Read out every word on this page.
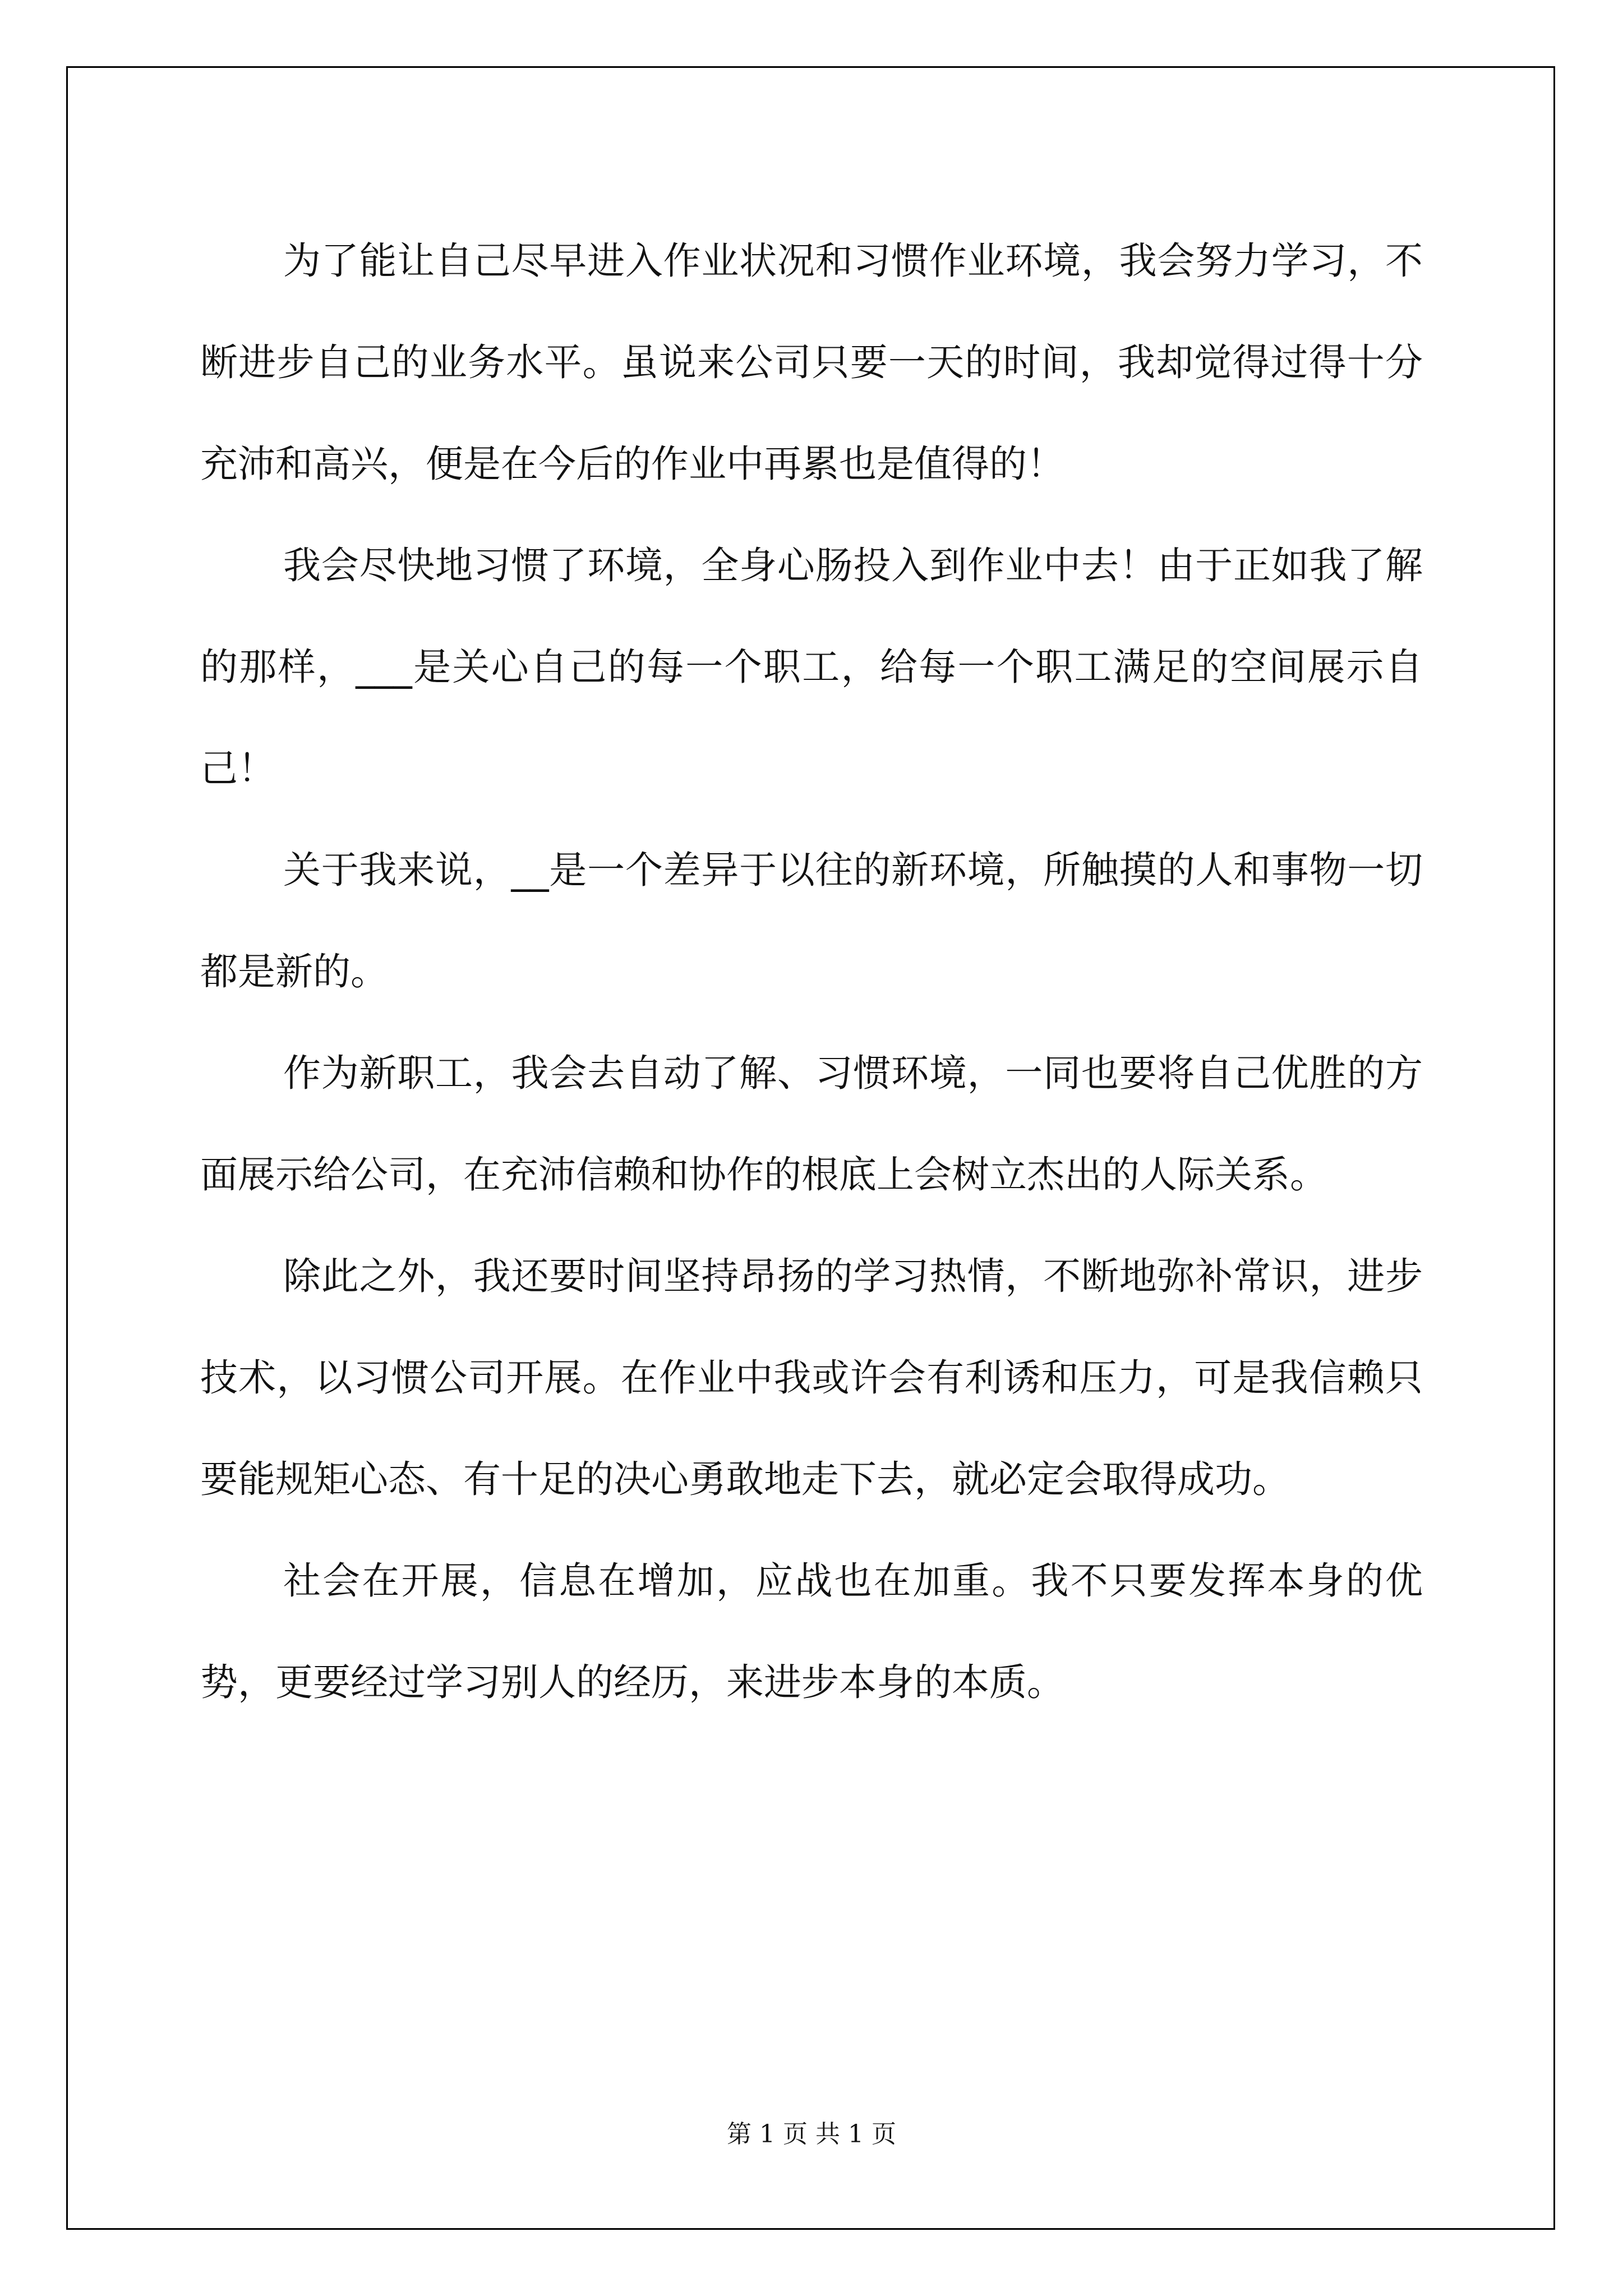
为了能让自己尽早进入作业状况和习惯作业环境，我会努力学习，不断进步自己的业务水平。虽说来公司只要一天的时间，我却觉得过得十分充沛和高兴，便是在今后的作业中再累也是值得的！

我会尽快地习惯了环境，全身心肠投入到作业中去！由于正如我了解的那样，___是关心自己的每一个职工，给每一个职工满足的空间展示自己！

关于我来说，__是一个差异于以往的新环境，所触摸的人和事物一切都是新的。

作为新职工，我会去自动了解、习惯环境，一同也要将自己优胜的方面展示给公司，在充沛信赖和协作的根底上会树立杰出的人际关系。

除此之外，我还要时间坚持昂扬的学习热情，不断地弥补常识，进步技术，以习惯公司开展。在作业中我或许会有利诱和压力，可是我信赖只要能规矩心态、有十足的决心勇敢地走下去，就必定会取得成功。

社会在开展，信息在增加，应战也在加重。我不只要发挥本身的优势，更要经过学习别人的经历，来进步本身的本质。

第 1 页 共 1 页
